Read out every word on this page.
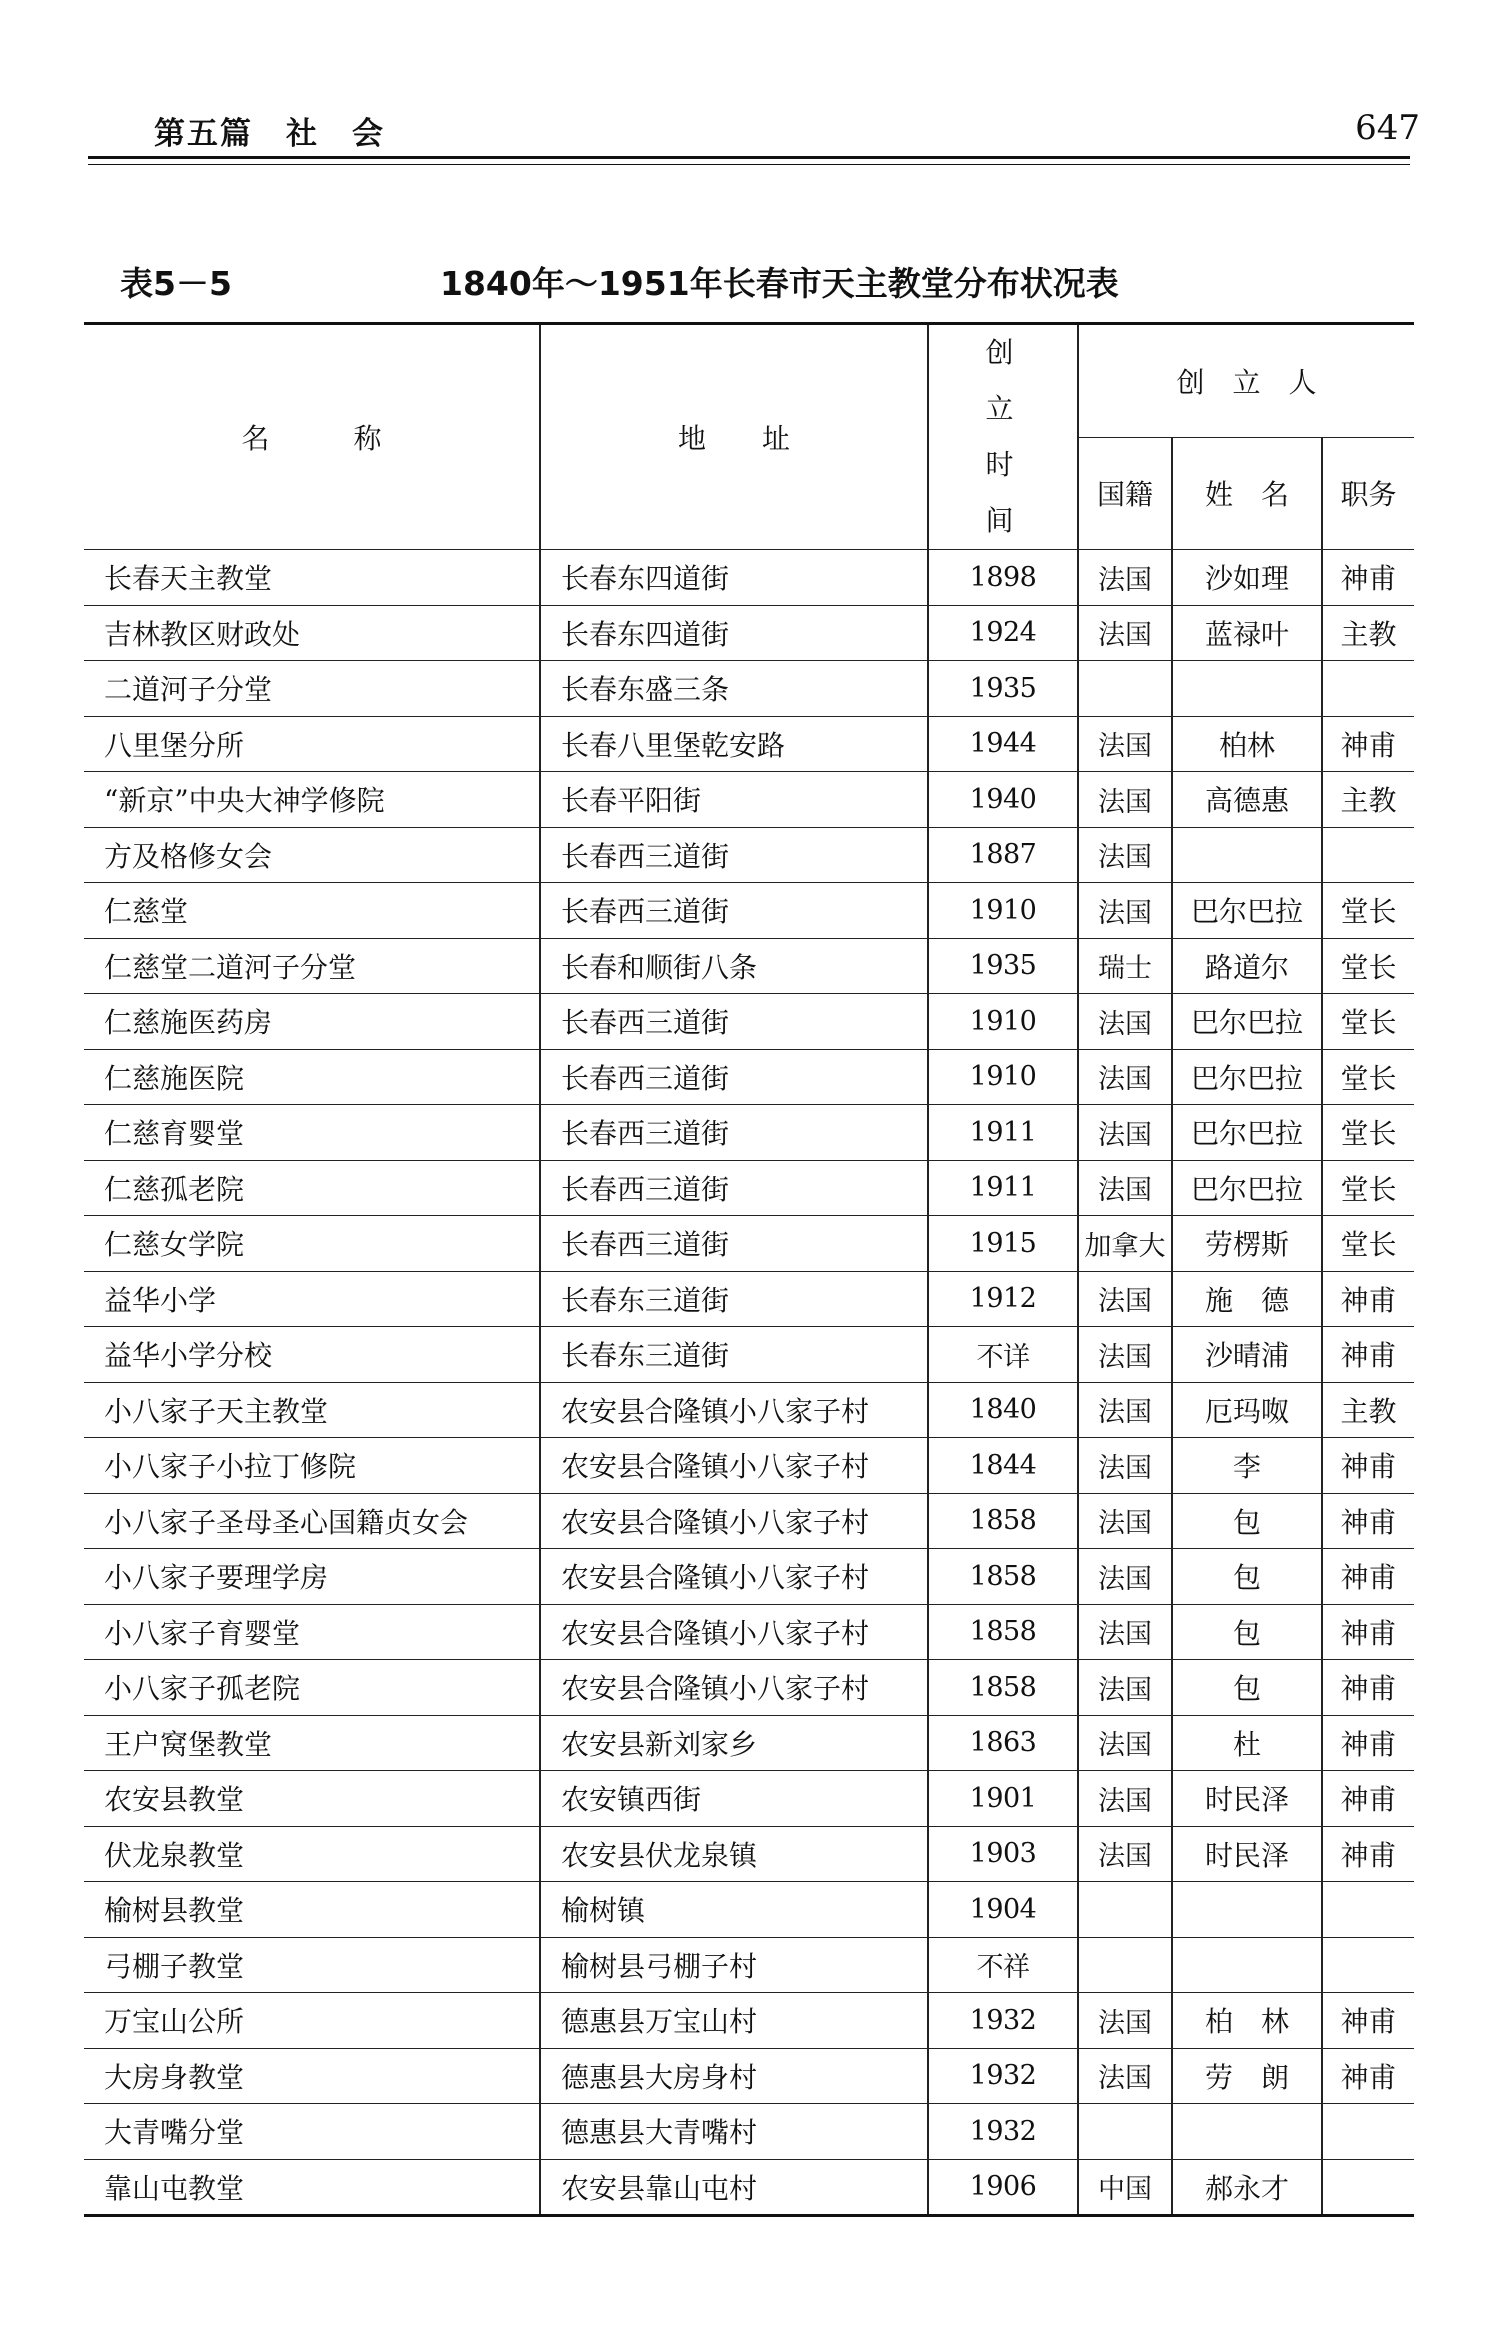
第五篇　社　会	647
表5－5	1840年～1951年长春市天主教堂分布状况表
名　　　称	地　　址	创立时间	创　立　人		
			国籍	姓　名	职务
长春天主教堂	长春东四道街	1898	法国	沙如理	神甫
吉林教区财政处	长春东四道街	1924	法国	蓝禄叶	主教
二道河子分堂	长春东盛三条	1935			
八里堡分所	长春八里堡乾安路	1944	法国	柏林	神甫
“新京”中央大神学修院	长春平阳街	1940	法国	高德惠	主教
方及格修女会	长春西三道街	1887	法国		
仁慈堂	长春西三道街	1910	法国	巴尔巴拉	堂长
仁慈堂二道河子分堂	长春和顺街八条	1935	瑞士	路道尔	堂长
仁慈施医药房	长春西三道街	1910	法国	巴尔巴拉	堂长
仁慈施医院	长春西三道街	1910	法国	巴尔巴拉	堂长
仁慈育婴堂	长春西三道街	1911	法国	巴尔巴拉	堂长
仁慈孤老院	长春西三道街	1911	法国	巴尔巴拉	堂长
仁慈女学院	长春西三道街	1915	加拿大	劳楞斯	堂长
益华小学	长春东三道街	1912	法国	施　德	神甫
益华小学分校	长春东三道街	不详	法国	沙晴浦	神甫
小八家子天主教堂	农安县合隆镇小八家子村	1840	法国	厄玛呶	主教
小八家子小拉丁修院	农安县合隆镇小八家子村	1844	法国	李	神甫
小八家子圣母圣心国籍贞女会	农安县合隆镇小八家子村	1858	法国	包	神甫
小八家子要理学房	农安县合隆镇小八家子村	1858	法国	包	神甫
小八家子育婴堂	农安县合隆镇小八家子村	1858	法国	包	神甫
小八家子孤老院	农安县合隆镇小八家子村	1858	法国	包	神甫
王户窝堡教堂	农安县新刘家乡	1863	法国	杜	神甫
农安县教堂	农安镇西街	1901	法国	时民泽	神甫
伏龙泉教堂	农安县伏龙泉镇	1903	法国	时民泽	神甫
榆树县教堂	榆树镇	1904			
弓棚子教堂	榆树县弓棚子村	不祥			
万宝山公所	德惠县万宝山村	1932	法国	柏　林	神甫
大房身教堂	德惠县大房身村	1932	法国	劳　朗	神甫
大青嘴分堂	德惠县大青嘴村	1932			
靠山屯教堂	农安县靠山屯村	1906	中国	郝永才	
